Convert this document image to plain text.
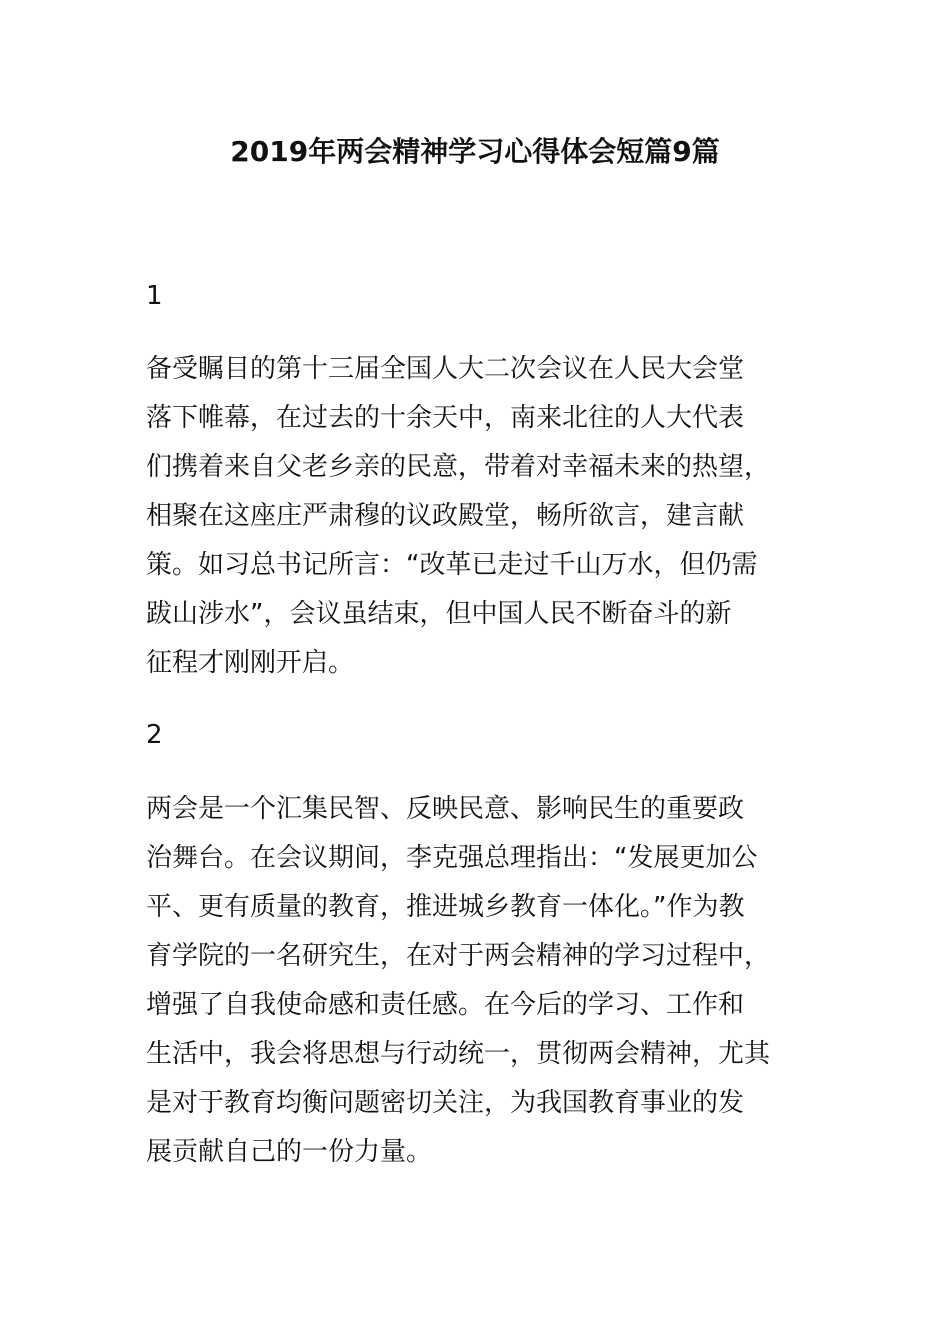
2019年两会精神学习心得体会短篇9篇

1

备受瞩目的第十三届全国人大二次会议在人民大会堂
落下帷幕，在过去的十余天中，南来北往的人大代表
们携着来自父老乡亲的民意，带着对幸福未来的热望，
相聚在这座庄严肃穆的议政殿堂，畅所欲言，建言献
策。如习总书记所言：“改革已走过千山万水，但仍需
跋山涉水”，会议虽结束，但中国人民不断奋斗的新
征程才刚刚开启。

2

两会是一个汇集民智、反映民意、影响民生的重要政
治舞台。在会议期间，李克强总理指出：“发展更加公
平、更有质量的教育，推进城乡教育一体化。”作为教
育学院的一名研究生，在对于两会精神的学习过程中，
增强了自我使命感和责任感。在今后的学习、工作和
生活中，我会将思想与行动统一，贯彻两会精神，尤其
是对于教育均衡问题密切关注，为我国教育事业的发
展贡献自己的一份力量。
